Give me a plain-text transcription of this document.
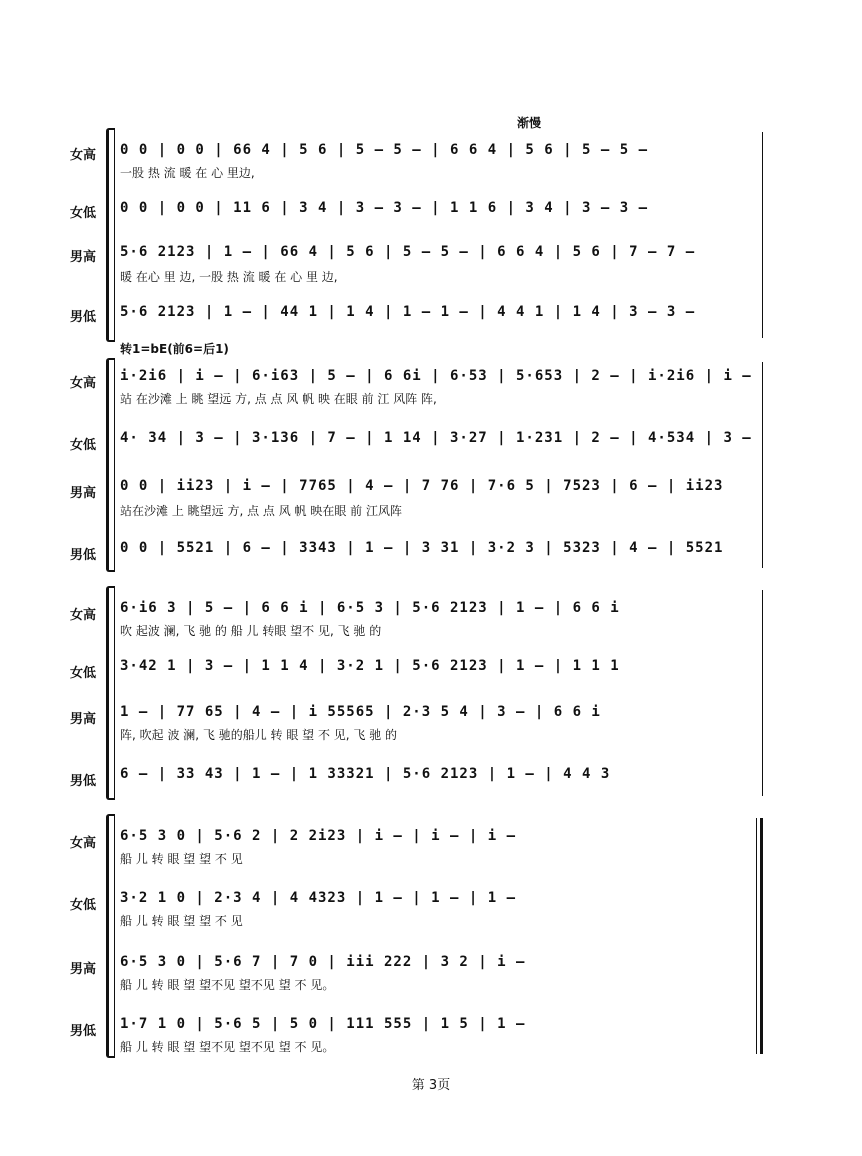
渐慢
女高	0 0 | 0 0 | 66 4 | 5 6 | 5 – 5 – | 6 6 4 | 5 6 | 5 – 5 –
一股 热 流 暖 在 心 里边,
女低	0 0 | 0 0 | 11 6 | 3 4 | 3 – 3 – | 1 1 6 | 3 4 | 3 – 3 –
男高	5·6 2123 | 1 – | 66 4 | 5 6 | 5 – 5 – | 6 6 4 | 5 6 | 7 – 7 –
暖 在心 里 边, 一股 热 流 暖 在 心 里 边,
男低	5·6 2123 | 1 – | 44 1 | 1 4 | 1 – 1 – | 4 4 1 | 1 4 | 3 – 3 –
转1=bE(前6=后1)
女高	i·2i6 | i – | 6·i63 | 5 – | 6 6i | 6·53 | 5·653 | 2 – | i·2i6 | i –
站 在沙滩 上 眺 望远 方, 点 点 风 帆 映 在眼 前 江 风阵 阵,
女低	4· 34 | 3 – | 3·136 | 7 – | 1 14 | 3·27 | 1·231 | 2 – | 4·534 | 3 –
男高	0 0 | ii23 | i – | 7765 | 4 – | 7 76 | 7·6 5 | 7523 | 6 – | ii23
站在沙滩 上 眺望远 方, 点 点 风 帆 映在眼 前 江风阵
男低	0 0 | 5521 | 6 – | 3343 | 1 – | 3 31 | 3·2 3 | 5323 | 4 – | 5521
女高	6·i6 3 | 5 – | 6 6 i | 6·5 3 | 5·6 2123 | 1 – | 6 6 i
吹 起波 澜, 飞 驰 的 船 儿 转眼 望不 见, 飞 驰 的
女低	3·42 1 | 3 – | 1 1 4 | 3·2 1 | 5·6 2123 | 1 – | 1 1 1
男高	1 – | 77 65 | 4 – | i 55565 | 2·3 5 4 | 3 – | 6 6 i
阵, 吹起 波 澜, 飞 驰的船儿 转 眼 望 不 见, 飞 驰 的
男低	6 – | 33 43 | 1 – | 1 33321 | 5·6 2123 | 1 – | 4 4 3
女高	6·5 3 0 | 5·6 2 | 2 2i23 | i – | i – | i –
船 儿 转 眼 望 望 不 见
女低	3·2 1 0 | 2·3 4 | 4 4323 | 1 – | 1 – | 1 –
船 儿 转 眼 望 望 不 见
男高	6·5 3 0 | 5·6 7 | 7 0 | iii 222 | 3 2 | i –
船 儿 转 眼 望 望不见 望不见 望 不 见。
男低	1·7 1 0 | 5·6 5 | 5 0 | 111 555 | 1 5 | 1 –
船 儿 转 眼 望 望不见 望不见 望 不 见。
第 3页
